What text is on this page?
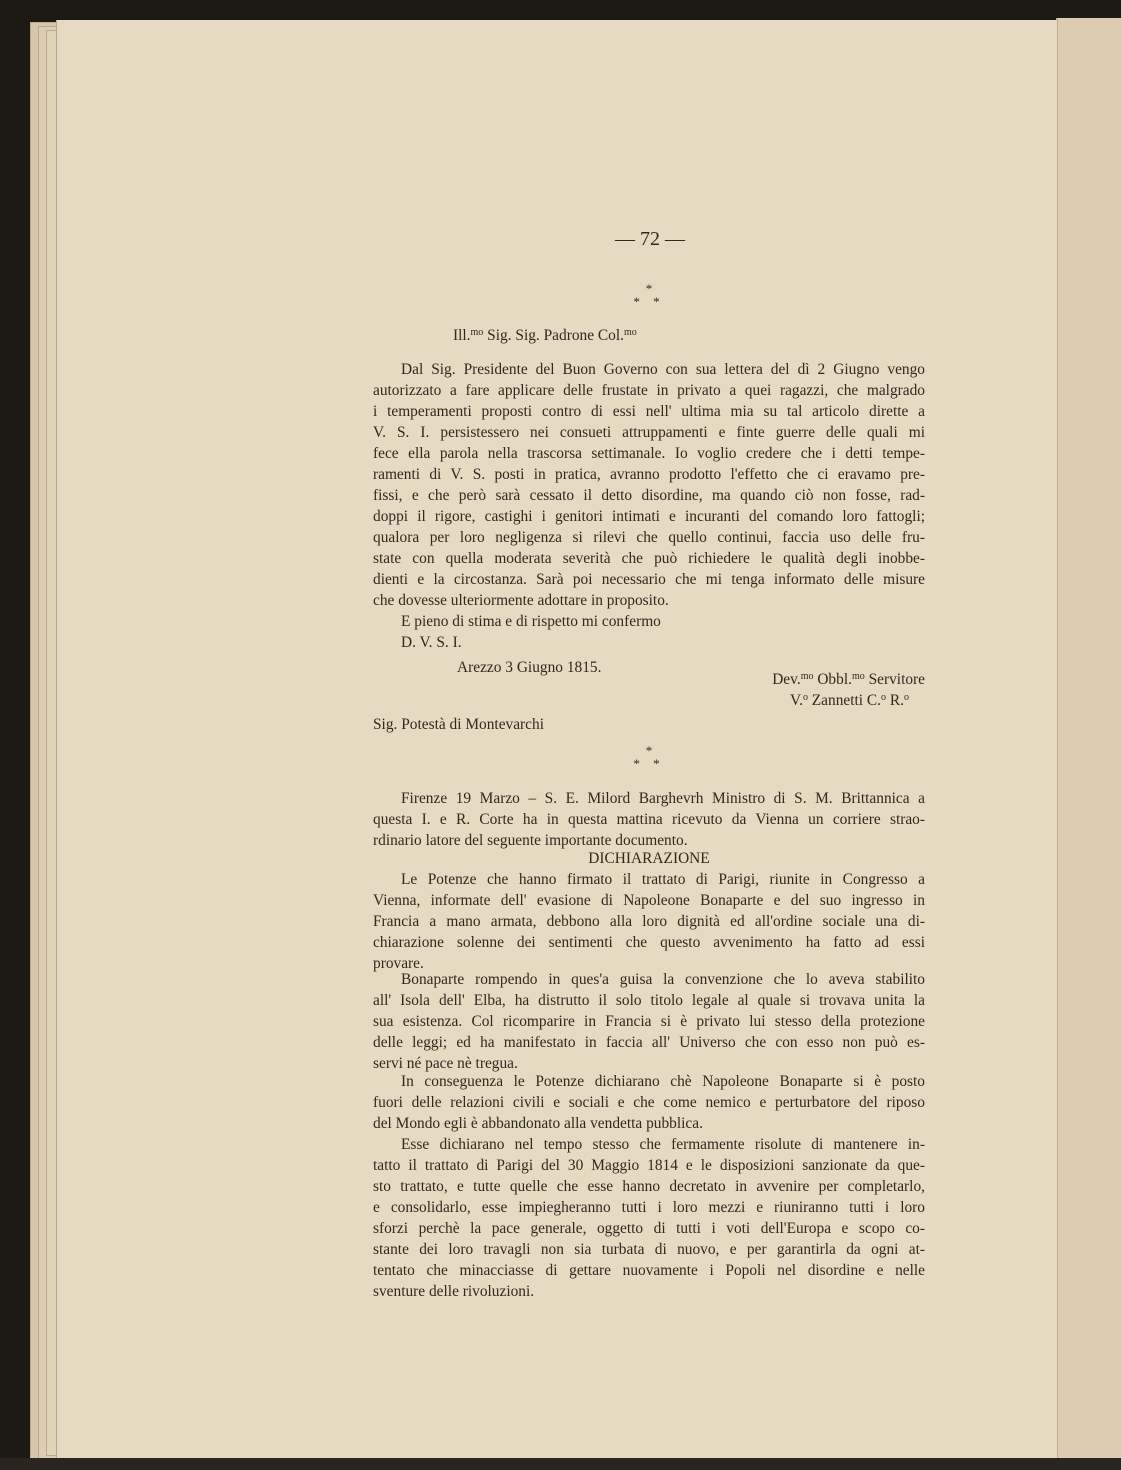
— 72 —
*
* *
Ill.$^{mo}$ Sig. Sig. Padrone Col.$^{mo}$
Dal Sig. Presidente del Buon Governo con sua lettera del dì 2 Giugno vengo
autorizzato a fare applicare delle frustate in privato a quei ragazzi, che malgrado
i temperamenti proposti contro di essi nell' ultima mia su tal articolo dirette a
V. S. I. persistessero nei consueti attruppamenti e finte guerre delle quali mi
fece ella parola nella trascorsa settimanale. Io voglio credere che i detti tempe-
ramenti di V. S. posti in pratica, avranno prodotto l'effetto che ci eravamo pre-
fissi, e che però sarà cessato il detto disordine, ma quando ciò non fosse, rad-
doppi il rigore, castighi i genitori intimati e incuranti del comando loro fattogli;
qualora per loro negligenza si rilevi che quello continui, faccia uso delle fru-
state con quella moderata severità che può richiedere le qualità degli inobbe-
dienti e la circostanza. Sarà poi necessario che mi tenga informato delle misure
che dovesse ulteriormente adottare in proposito.
E pieno di stima e di rispetto mi confermo
D. V. S. I.
Arezzo 3 Giugno 1815.
Dev.$^{mo}$ Obbl.$^{mo}$ Servitore
V.$^o$ Zannetti C.$^o$ R.$^o$
Sig. Potestà di Montevarchi
*
* *
Firenze 19 Marzo – S. E. Milord Barghevrh Ministro di S. M. Brittannica a
questa I. e R. Corte ha in questa mattina ricevuto da Vienna un corriere strao-
rdinario latore del seguente importante documento.
DICHIARAZIONE
Le Potenze che hanno firmato il trattato di Parigi, riunite in Congresso a
Vienna, informate dell' evasione di Napoleone Bonaparte e del suo ingresso in
Francia a mano armata, debbono alla loro dignità ed all'ordine sociale una di-
chiarazione solenne dei sentimenti che questo avvenimento ha fatto ad essi
provare.
Bonaparte rompendo in ques'a guisa la convenzione che lo aveva stabilito
all' Isola dell' Elba, ha distrutto il solo titolo legale al quale si trovava unita la
sua esistenza. Col ricomparire in Francia si è privato lui stesso della protezione
delle leggi; ed ha manifestato in faccia all' Universo che con esso non può es-
servi né pace nè tregua.
In conseguenza le Potenze dichiarano chè Napoleone Bonaparte si è posto
fuori delle relazioni civili e sociali e che come nemico e perturbatore del riposo
del Mondo egli è abbandonato alla vendetta pubblica.
Esse dichiarano nel tempo stesso che fermamente risolute di mantenere in-
tatto il trattato di Parigi del 30 Maggio 1814 e le disposizioni sanzionate da que-
sto trattato, e tutte quelle che esse hanno decretato in avvenire per completarlo,
e consolidarlo, esse impiegheranno tutti i loro mezzi e riuniranno tutti i loro
sforzi perchè la pace generale, oggetto di tutti i voti dell'Europa e scopo co-
stante dei loro travagli non sia turbata di nuovo, e per garantirla da ogni at-
tentato che minacciasse di gettare nuovamente i Popoli nel disordine e nelle
sventure delle rivoluzioni.
